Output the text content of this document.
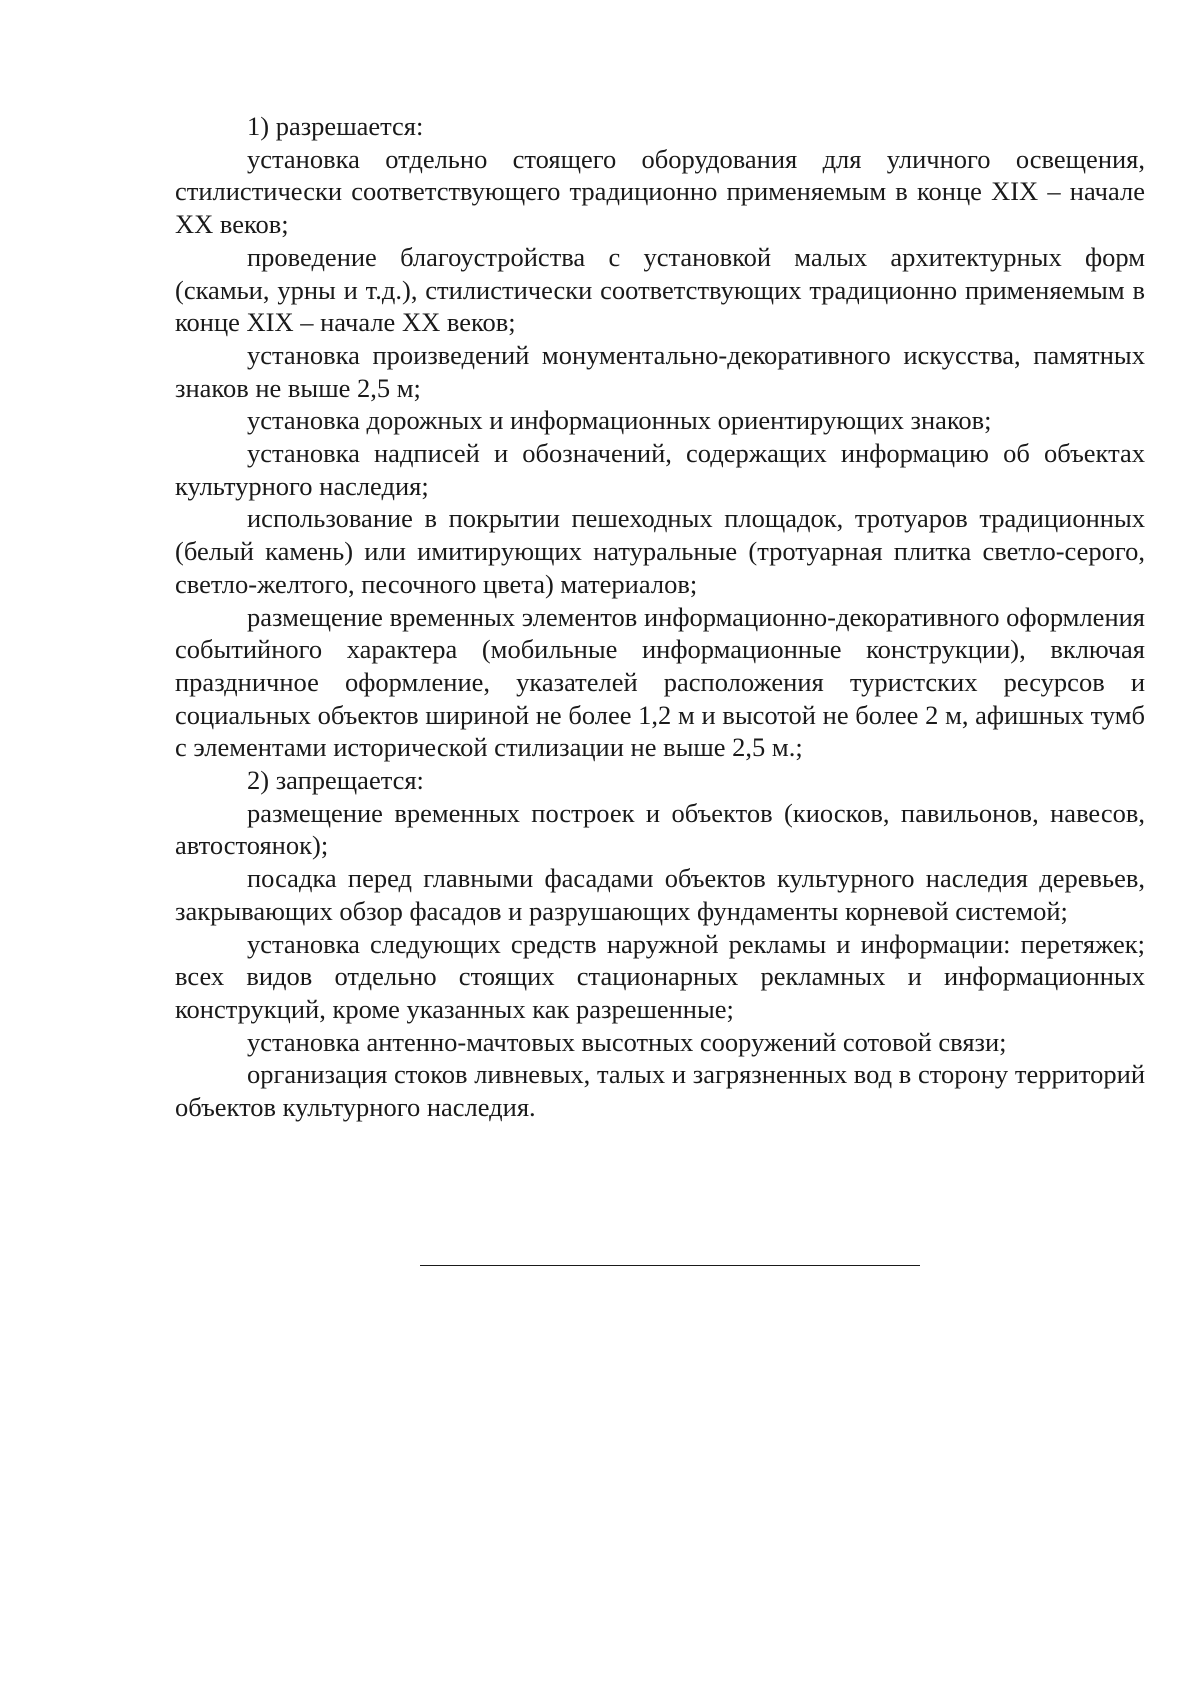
1) разрешается:

установка отдельно стоящего оборудования для уличного освещения, стилистически соответствующего традиционно применяемым в конце XIX – начале XX веков;

проведение благоустройства с установкой малых архитектурных форм (скамьи, урны и т.д.), стилистически соответствующих традиционно применяемым в конце XIX – начале XX веков;

установка произведений монументально-декоративного искусства, памятных знаков не выше 2,5 м;

установка дорожных и информационных ориентирующих знаков;

установка надписей и обозначений, содержащих информацию об объектах культурного наследия;

использование в покрытии пешеходных площадок, тротуаров традиционных (белый камень) или имитирующих натуральные (тротуарная плитка светло-серого, светло-желтого, песочного цвета) материалов;

размещение временных элементов информационно-декоративного оформления событийного характера (мобильные информационные конструкции), включая праздничное оформление, указателей расположения туристских ресурсов и социальных объектов шириной не более 1,2 м и высотой не более 2 м, афишных тумб с элементами исторической стилизации не выше 2,5 м.;

2) запрещается:

размещение временных построек и объектов (киосков, павильонов, навесов, автостоянок);

посадка перед главными фасадами объектов культурного наследия деревьев, закрывающих обзор фасадов и разрушающих фундаменты корневой системой;

установка следующих средств наружной рекламы и информации: перетяжек; всех видов отдельно стоящих стационарных рекламных и информационных конструкций, кроме указанных как разрешенные;

установка антенно-мачтовых высотных сооружений сотовой связи;

организация стоков ливневых, талых и загрязненных вод в сторону территорий объектов культурного наследия.
